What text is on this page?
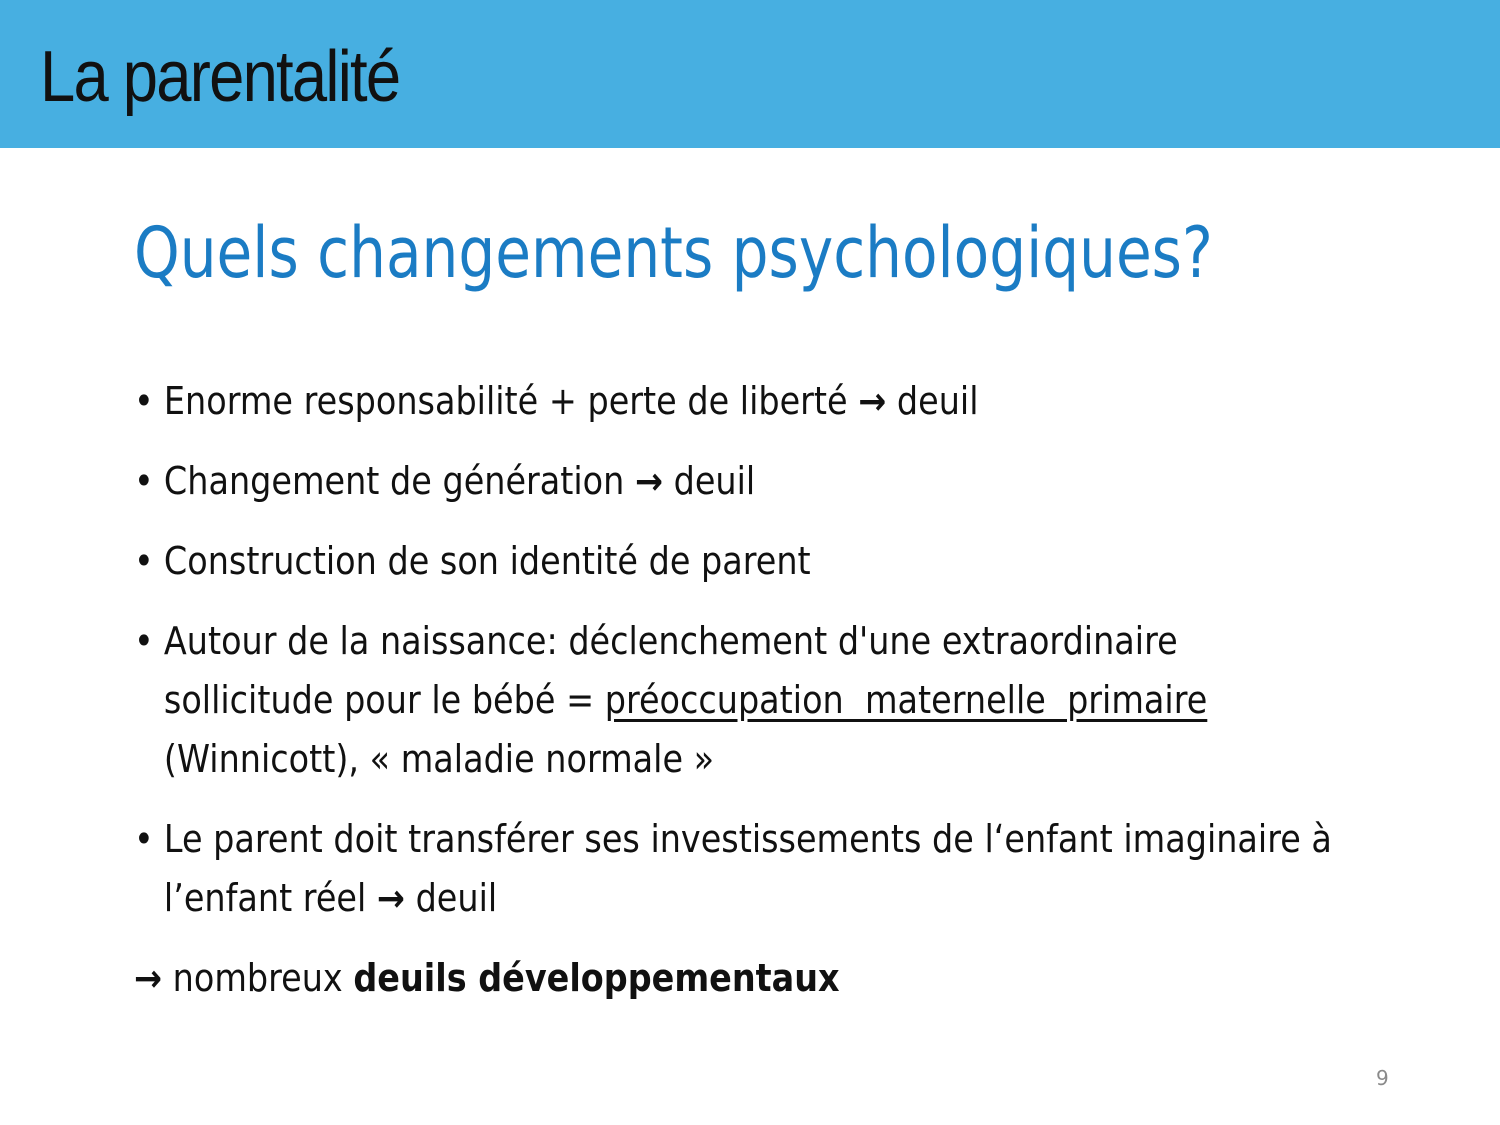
La parentalité
Quels changements psychologiques?
• Enorme responsabilité + perte de liberté → deuil
• Changement de génération → deuil
• Construction de son identité de parent
• Autour de la naissance: déclenchement d'une extraordinaire sollicitude pour le bébé = préoccupation  maternelle  primaire (Winnicott), « maladie normale »
• Le parent doit transférer ses investissements de l‘enfant imaginaire à l’enfant réel → deuil
→ nombreux deuils développementaux
9
